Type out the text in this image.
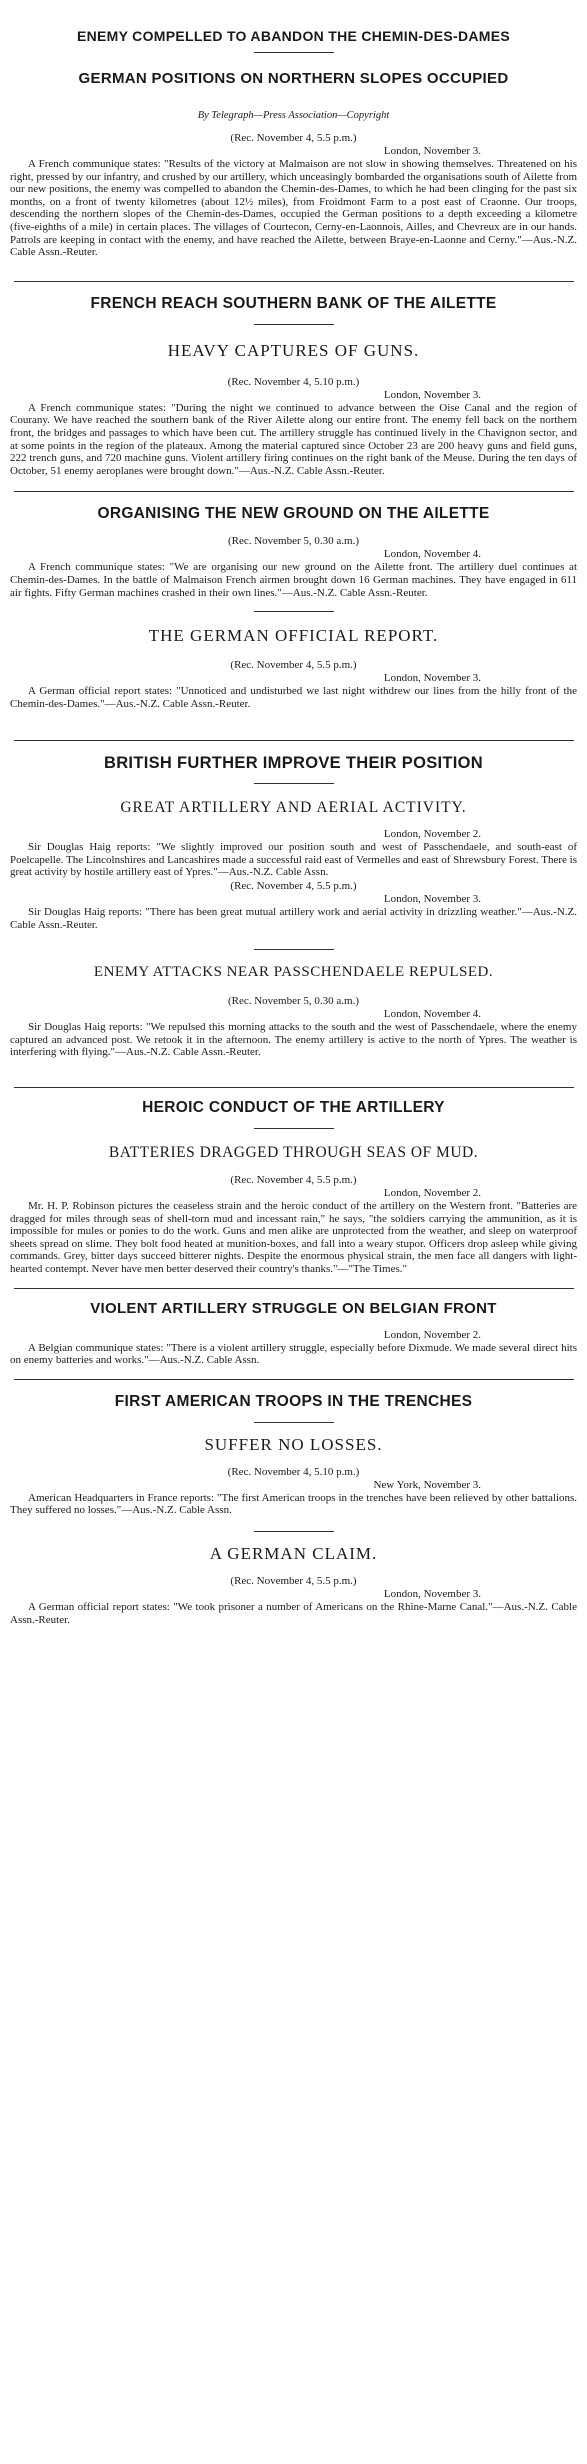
ENEMY COMPELLED TO ABANDON THE CHEMIN-DES-DAMES
GERMAN POSITIONS ON NORTHERN SLOPES OCCUPIED

By Telegraph—Press Association—Copyright

(Rec. November 4, 5.5 p.m.)

London, November 3.

A French communique states: "Results of the victory at Malmaison are not slow in showing themselves. Threatened on his right, pressed by our infantry, and crushed by our artillery, which unceasingly bombarded the organisations south of Ailette from our new positions, the enemy was compelled to abandon the Chemin-des-Dames, to which he had been clinging for the past six months, on a front of twenty kilometres (about 12½ miles), from Froidmont Farm to a post east of Craonne. Our troops, descending the northern slopes of the Chemin-des-Dames, occupied the German positions to a depth exceeding a kilometre (five-eighths of a mile) in certain places. The villages of Courtecon, Cerny-en-Laonnois, Ailles, and Chevreux are in our hands. Patrols are keeping in contact with the enemy, and have reached the Ailette, between Braye-en-Laonne and Cerny."—Aus.-N.Z. Cable Assn.-Reuter.

FRENCH REACH SOUTHERN BANK OF THE AILETTE
HEAVY CAPTURES OF GUNS.

(Rec. November 4, 5.10 p.m.)

London, November 3.

A French communique states: "During the night we continued to advance between the Oise Canal and the region of Courany. We have reached the southern bank of the River Ailette along our entire front. The enemy fell back on the northern front, the bridges and passages to which have been cut. The artillery struggle has continued lively in the Chavignon sector, and at some points in the region of the plateaux. Among the material captured since October 23 are 200 heavy guns and field guns, 222 trench guns, and 720 machine guns. Violent artillery firing continues on the right bank of the Meuse. During the ten days of October, 51 enemy aeroplanes were brought down."—Aus.-N.Z. Cable Assn.-Reuter.

ORGANISING THE NEW GROUND ON THE AILETTE

(Rec. November 5, 0.30 a.m.)

London, November 4.

A French communique states: "We are organising our new ground on the Ailette front. The artillery duel continues at Chemin-des-Dames. In the battle of Malmaison French airmen brought down 16 German machines. They have engaged in 611 air fights. Fifty German machines crashed in their own lines."—Aus.-N.Z. Cable Assn.-Reuter.

THE GERMAN OFFICIAL REPORT.

(Rec. November 4, 5.5 p.m.)

London, November 3.

A German official report states: "Unnoticed and undisturbed we last night withdrew our lines from the hilly front of the Chemin-des-Dames."—Aus.-N.Z. Cable Assn.-Reuter.

BRITISH FURTHER IMPROVE THEIR POSITION
GREAT ARTILLERY AND AERIAL ACTIVITY.

London, November 2.

Sir Douglas Haig reports: "We slightly improved our position south and west of Passchendaele, and south-east of Poelcapelle. The Lincolnshires and Lancashires made a successful raid east of Vermelles and east of Shrewsbury Forest. There is great activity by hostile artillery east of Ypres."—Aus.-N.Z. Cable Assn.

(Rec. November 4, 5.5 p.m.)

London, November 3.

Sir Douglas Haig reports: "There has been great mutual artillery work and aerial activity in drizzling weather."—Aus.-N.Z. Cable Assn.-Reuter.

ENEMY ATTACKS NEAR PASSCHENDAELE REPULSED.

(Rec. November 5, 0.30 a.m.)

London, November 4.

Sir Douglas Haig reports: "We repulsed this morning attacks to the south and the west of Passchendaele, where the enemy captured an advanced post. We retook it in the afternoon. The enemy artillery is active to the north of Ypres. The weather is interfering with flying."—Aus.-N.Z. Cable Assn.-Reuter.

HEROIC CONDUCT OF THE ARTILLERY
BATTERIES DRAGGED THROUGH SEAS OF MUD.

(Rec. November 4, 5.5 p.m.)

London, November 2.

Mr. H. P. Robinson pictures the ceaseless strain and the heroic conduct of the artillery on the Western front. "Batteries are dragged for miles through seas of shell-torn mud and incessant rain," he says, "the soldiers carrying the ammunition, as it is impossible for mules or ponies to do the work. Guns and men alike are unprotected from the weather, and sleep on waterproof sheets spread on slime. They bolt food heated at munition-boxes, and fall into a weary stupor. Officers drop asleep while giving commands. Grey, bitter days succeed bitterer nights. Despite the enormous physical strain, the men face all dangers with light-hearted contempt. Never have men better deserved their country's thanks."—"The Times."

VIOLENT ARTILLERY STRUGGLE ON BELGIAN FRONT

London, November 2.

A Belgian communique states: "There is a violent artillery struggle, especially before Dixmude. We made several direct hits on enemy batteries and works."—Aus.-N.Z. Cable Assn.

FIRST AMERICAN TROOPS IN THE TRENCHES
SUFFER NO LOSSES.

(Rec. November 4, 5.10 p.m.)

New York, November 3.

American Headquarters in France reports: "The first American troops in the trenches have been relieved by other battalions. They suffered no losses."—Aus.-N.Z. Cable Assn.

A GERMAN CLAIM.

(Rec. November 4, 5.5 p.m.)

London, November 3.

A German official report states: "We took prisoner a number of Americans on the Rhine-Marne Canal."—Aus.-N.Z. Cable Assn.-Reuter.
